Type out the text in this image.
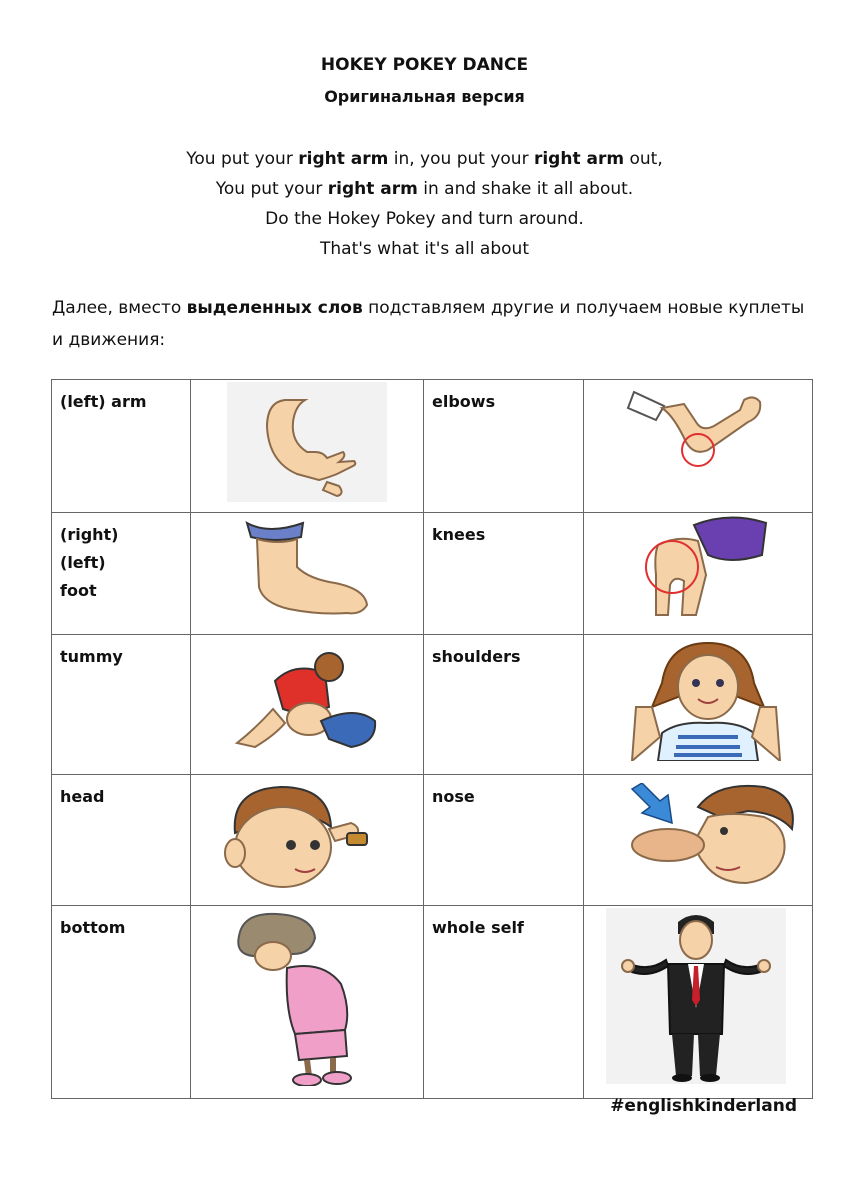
HOKEY POKEY DANCE
Оригинальная версия
You put your right arm in, you put your right arm out,
You put your right arm in and shake it all about.
Do the Hokey Pokey and turn around.
That's what it's all about
Далее, вместо выделенных слов подставляем другие и получаем новые куплеты и движения:
(left) arm		elbows	

(right)
(left)
foot		knees	

tummy		shoulders	

head		nose	

bottom		whole self	
#englishkinderland
